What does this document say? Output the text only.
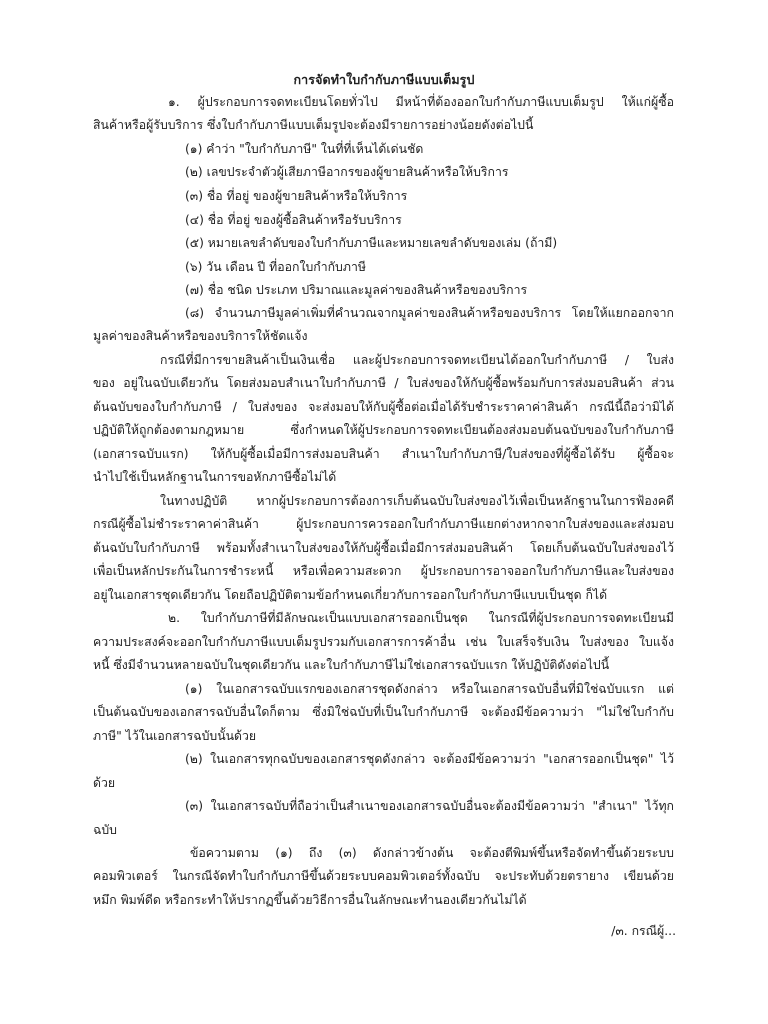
การจัดทำใบกำกับภาษีแบบเต็มรูป
๑. ผู้ประกอบการจดทะเบียนโดยทั่วไป มีหน้าที่ต้องออกใบกำกับภาษีแบบเต็มรูป ให้แก่ผู้ซื้อ
สินค้าหรือผู้รับบริการ ซึ่งใบกำกับภาษีแบบเต็มรูปจะต้องมีรายการอย่างน้อยดังต่อไปนี้
(๑) คำว่า "ใบกำกับภาษี" ในที่ที่เห็นได้เด่นชัด
(๒) เลขประจำตัวผู้เสียภาษีอากรของผู้ขายสินค้าหรือให้บริการ
(๓) ชื่อ ที่อยู่ ของผู้ขายสินค้าหรือให้บริการ
(๔) ชื่อ ที่อยู่ ของผู้ซื้อสินค้าหรือรับบริการ
(๕) หมายเลขลำดับของใบกำกับภาษีและหมายเลขลำดับของเล่ม (ถ้ามี)
(๖) วัน เดือน ปี ที่ออกใบกำกับภาษี
(๗) ชื่อ ชนิด ประเภท ปริมาณและมูลค่าของสินค้าหรือของบริการ
(๘) จำนวนภาษีมูลค่าเพิ่มที่คำนวณจากมูลค่าของสินค้าหรือของบริการ โดยให้แยกออกจาก
มูลค่าของสินค้าหรือของบริการให้ชัดแจ้ง
กรณีที่มีการขายสินค้าเป็นเงินเชื่อ และผู้ประกอบการจดทะเบียนได้ออกใบกำกับภาษี / ใบส่ง
ของ อยู่ในฉบับเดียวกัน โดยส่งมอบสำเนาใบกำกับภาษี / ใบส่งของให้กับผู้ซื้อพร้อมกับการส่งมอบสินค้า ส่วน
ต้นฉบับของใบกำกับภาษี / ใบส่งของ จะส่งมอบให้กับผู้ซื้อต่อเมื่อได้รับชำระราคาค่าสินค้า กรณีนี้ถือว่ามิได้
ปฏิบัติให้ถูกต้องตามกฎหมาย ซึ่งกำหนดให้ผู้ประกอบการจดทะเบียนต้องส่งมอบต้นฉบับของใบกำกับภาษี
(เอกสารฉบับแรก) ให้กับผู้ซื้อเมื่อมีการส่งมอบสินค้า สำเนาใบกำกับภาษี/ใบส่งของที่ผู้ซื้อได้รับ ผู้ซื้อจะ
นำไปใช้เป็นหลักฐานในการขอหักภาษีซื้อไม่ได้
ในทางปฏิบัติ หากผู้ประกอบการต้องการเก็บต้นฉบับใบส่งของไว้เพื่อเป็นหลักฐานในการฟ้องคดี
กรณีผู้ซื้อไม่ชำระราคาค่าสินค้า ผู้ประกอบการควรออกใบกำกับภาษีแยกต่างหากจากใบส่งของและส่งมอบ
ต้นฉบับใบกำกับภาษี พร้อมทั้งสำเนาใบส่งของให้กับผู้ซื้อเมื่อมีการส่งมอบสินค้า โดยเก็บต้นฉบับใบส่งของไว้
เพื่อเป็นหลักประกันในการชำระหนี้ หรือเพื่อความสะดวก ผู้ประกอบการอาจออกใบกำกับภาษีและใบส่งของ
อยู่ในเอกสารชุดเดียวกัน โดยถือปฏิบัติตามข้อกำหนดเกี่ยวกับการออกใบกำกับภาษีแบบเป็นชุด ก็ได้
๒. ใบกำกับภาษีที่มีลักษณะเป็นแบบเอกสารออกเป็นชุด ในกรณีที่ผู้ประกอบการจดทะเบียนมี
ความประสงค์จะออกใบกำกับภาษีแบบเต็มรูปรวมกับเอกสารการค้าอื่น เช่น ใบเสร็จรับเงิน ใบส่งของ ใบแจ้ง
หนี้ ซึ่งมีจำนวนหลายฉบับในชุดเดียวกัน และใบกำกับภาษีไม่ใช่เอกสารฉบับแรก ให้ปฏิบัติดังต่อไปนี้
(๑) ในเอกสารฉบับแรกของเอกสารชุดดังกล่าว หรือในเอกสารฉบับอื่นที่มิใช่ฉบับแรก แต่
เป็นต้นฉบับของเอกสารฉบับอื่นใดก็ตาม ซึ่งมิใช่ฉบับที่เป็นใบกำกับภาษี จะต้องมีข้อความว่า "ไม่ใช่ใบกำกับ
ภาษี" ไว้ในเอกสารฉบับนั้นด้วย
(๒) ในเอกสารทุกฉบับของเอกสารชุดดังกล่าว จะต้องมีข้อความว่า "เอกสารออกเป็นชุด" ไว้
ด้วย
(๓) ในเอกสารฉบับที่ถือว่าเป็นสำเนาของเอกสารฉบับอื่นจะต้องมีข้อความว่า "สำเนา" ไว้ทุก
ฉบับ
ข้อความตาม (๑) ถึง (๓) ดังกล่าวข้างต้น จะต้องตีพิมพ์ขึ้นหรือจัดทำขึ้นด้วยระบบ
คอมพิวเตอร์ ในกรณีจัดทำใบกำกับภาษีขึ้นด้วยระบบคอมพิวเตอร์ทั้งฉบับ จะประทับด้วยตรายาง เขียนด้วย
หมึก พิมพ์ดีด หรือกระทำให้ปรากฏขึ้นด้วยวิธีการอื่นในลักษณะทำนองเดียวกันไม่ได้
/๓. กรณีผู้...
